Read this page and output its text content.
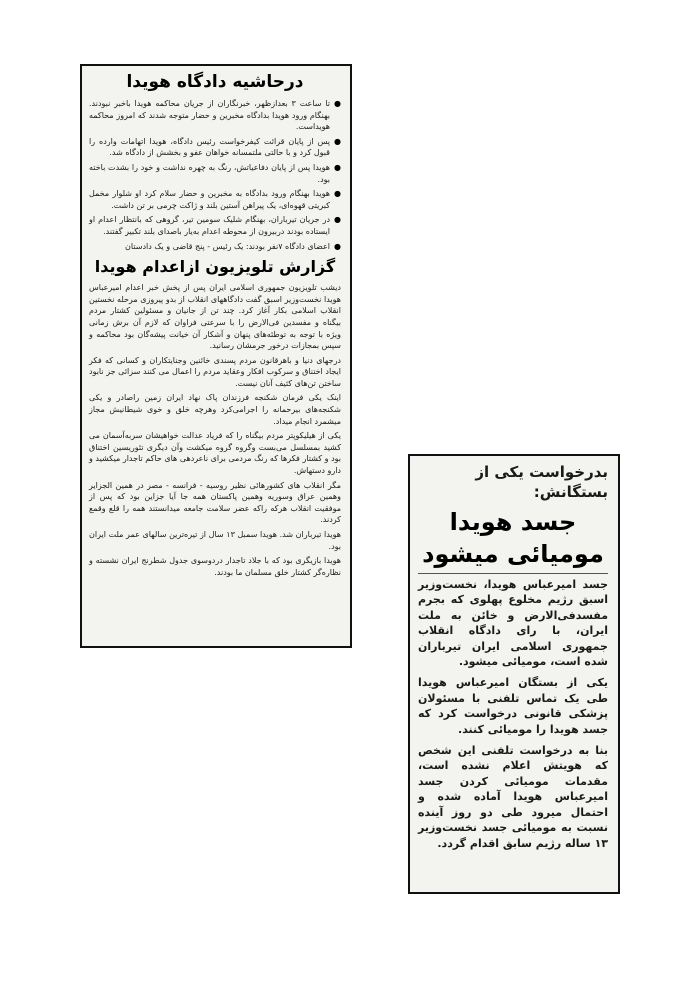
درحاشیه دادگاه هویدا

● تا ساعت ۳ بعدازظهر، خبرنگاران از جریان محاکمه هویدا باخبر نبودند. بهنگام ورود هویدا بدادگاه مخبرین و حضار متوجه شدند که امروز محاکمه هویداست.

● پس از پایان قرائت کیفرخواست رئیس دادگاه، هویدا اتهامات وارده را قبول کرد و با حالتی ملتمسانه خواهان عفو و بخشش از دادگاه شد.

● هویدا پس از پایان دفاعیاتش، رنگ به چهره نداشت و خود را بشدت باخته بود.

● هویدا بهنگام ورود بدادگاه به مخبرین و حضار سلام کرد او شلوار مخمل کبریتی قهوه‌ای، یک پیراهن آستین بلند و ژاکت چرمی بر تن داشت.

● در جریان تیرباران، بهنگام شلیک سومین تیر، گروهی که بانتظار اعدام او ایستاده بودند دربیرون از محوطه اعدام به‌یار باصدای بلند تکبیر گفتند.

● اعضای دادگاه ۷نفر بودند: یک رئیس - پنج قاضی و یک دادستان

گزارش تلویزیون ازاعدام هویدا

دیشب تلویزیون جمهوری اسلامی ایران پس از پخش خبر اعدام امیرعباس هویدا نخست‌وزیر اسبق گفت دادگاههای انقلاب از بدو پیروزی مرحله نخستین انقلاب اسلامی بکار آغاز کرد. چند تن از جانیان و مسئولین کشتار مردم بیگناه و مفسدین فی‌الارض را با سرعتی فراوان که لازم آن برش زمانی ویژه با توجه به توطئه‌های پنهان و آشکار آن خیانت پیشه‌گان بود محاکمه و سپس بمجازات درخور جرمشان رسانید.

درجهای دنیا و باهرقانون مردم پسندی خائنین وجنایتکاران و کسانی که فکر ایجاد اختناق و سرکوب افکار وعقاید مردم را اعمال می کنند سزائی جز نابود ساختن تن‌های کثیف آنان نیست.

اینک یکی فرمان شکنجه فرزندان پاک نهاد ایران زمین راصادر و یکی شکنجه‌های بیرحمانه را اجرامی‌کرد وهرچه خلق و خوی شیطانیش مجاز میشمرد انجام میداد.

یکی از هیلیکوپتر مردم بیگناه را که فریاد عدالت خواهیشان سربه‌آسمان می کشید بمسلسل می‌بست وگروه گروه میکشت وآن دیگری تئوریسین اختناق بود و کشتار فکرها که رنگ مردمی برای ناعردهی های حاکم تاجدار میکشید و دارو دستهاش.

مگر انقلاب های کشورهائی نظیر روسیه - فرانسه - مصر در همین الجزایر وهمین عراق وسوریه وهمین پاکستان همه جا آیا جزاین بود که پس از موفقیت انقلاب هرکه راکه عضر سلامت جامعه میدانستند همه را قلع وقمع کردند.

هویدا تیرباران شد. هویدا سمبل ۱۳ سال از تیره‌ترین سالهای عمر ملت ایران بود.

هویدا بازیگری بود که با جلاد تاجدار دردوسوی جدول شطرنج ایران نشسته و نظاره‌گر کشتار خلق مسلمان ما بودند.

بدرخواست یکی از بستگانش:

جسد هویدا مومیائی میشود

جسد امیرعباس هویدا، نخست‌وزیر اسبق رژیم مخلوع پهلوی که بجرم مفسدفی‌الارض و خائن به ملت ایران، با رای دادگاه انقلاب جمهوری اسلامی ایران تیرباران شده است، مومیائی میشود.

یکی از بستگان امیرعباس هویدا طی یک تماس تلفنی با مسئولان پزشکی قانونی درخواست کرد که جسد هویدا را مومیائی کنند.

بنا به درخواست تلفنی این شخص که هویتش اعلام نشده است، مقدمات مومیائی کردن جسد امیرعباس هویدا آماده شده و احتمال میرود طی دو روز آینده نسبت به مومیائی جسد نخست‌وزیر ۱۳ ساله رژیم سابق اقدام گردد.
